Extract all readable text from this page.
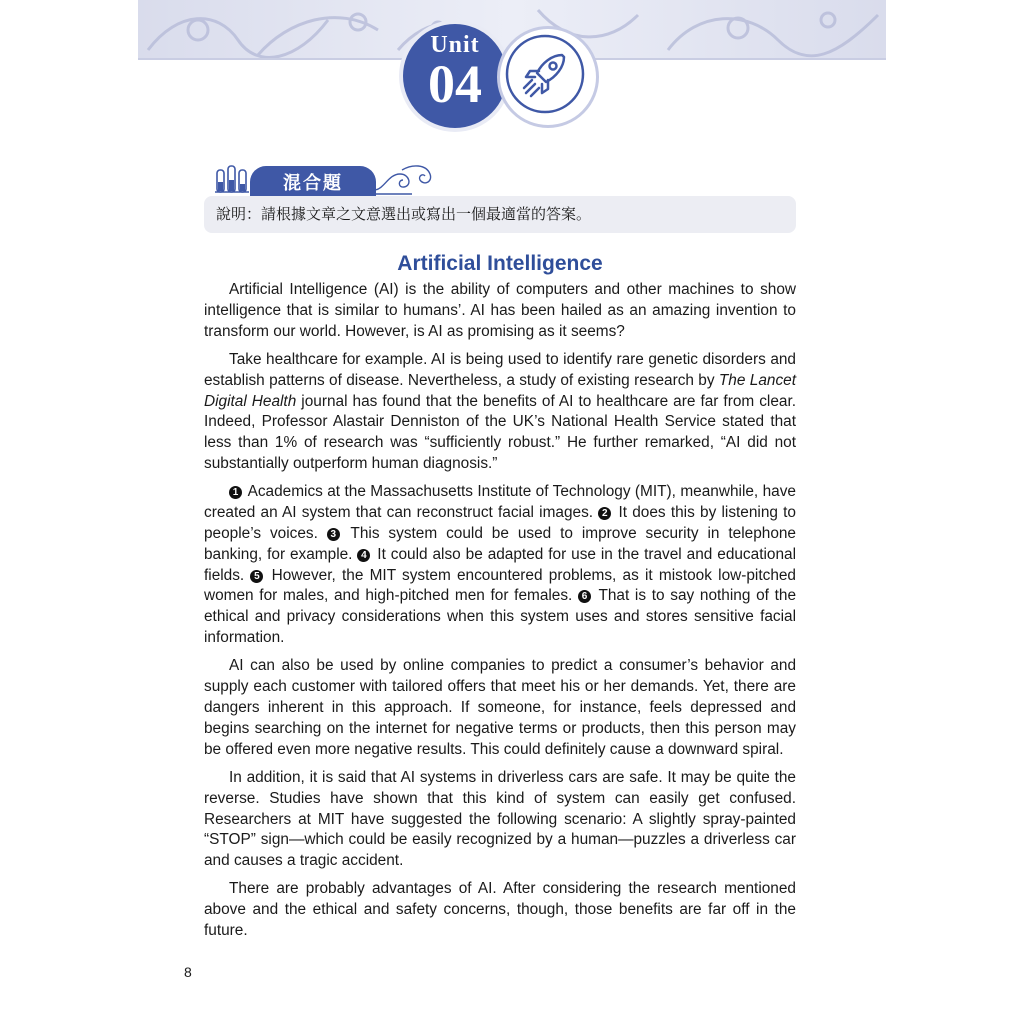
Unit
04
混合題
說明：請根據文章之文意選出或寫出一個最適當的答案。
Artificial Intelligence

Artificial Intelligence (AI) is the ability of computers and other machines to show intelligence that is similar to humans’. AI has been hailed as an amazing invention to transform our world. However, is AI as promising as it seems?

Take healthcare for example. AI is being used to identify rare genetic disorders and establish patterns of disease. Nevertheless, a study of existing research by The Lancet Digital Health journal has found that the benefits of AI to healthcare are far from clear. Indeed, Professor Alastair Denniston of the UK’s National Health Service stated that less than 1% of research was “sufficiently robust.” He further remarked, “AI did not substantially outperform human diagnosis.”

1 Academics at the Massachusetts Institute of Technology (MIT), meanwhile, have created an AI system that can reconstruct facial images. 2 It does this by listening to people’s voices. 3 This system could be used to improve security in telephone banking, for example. 4 It could also be adapted for use in the travel and educational fields. 5 However, the MIT system encountered problems, as it mistook low-pitched women for males, and high-pitched men for females. 6 That is to say nothing of the ethical and privacy considerations when this system uses and stores sensitive facial information.

AI can also be used by online companies to predict a consumer’s behavior and supply each customer with tailored offers that meet his or her demands. Yet, there are dangers inherent in this approach. If someone, for instance, feels depressed and begins searching on the internet for negative terms or products, then this person may be offered even more negative results. This could definitely cause a downward spiral.

In addition, it is said that AI systems in driverless cars are safe. It may be quite the reverse. Studies have shown that this kind of system can easily get confused. Researchers at MIT have suggested the following scenario: A slightly spray-painted “STOP” sign—which could be easily recognized by a human—puzzles a driverless car and causes a tragic accident.

There are probably advantages of AI. After considering the research mentioned above and the ethical and safety concerns, though, those benefits are far off in the future.

8
